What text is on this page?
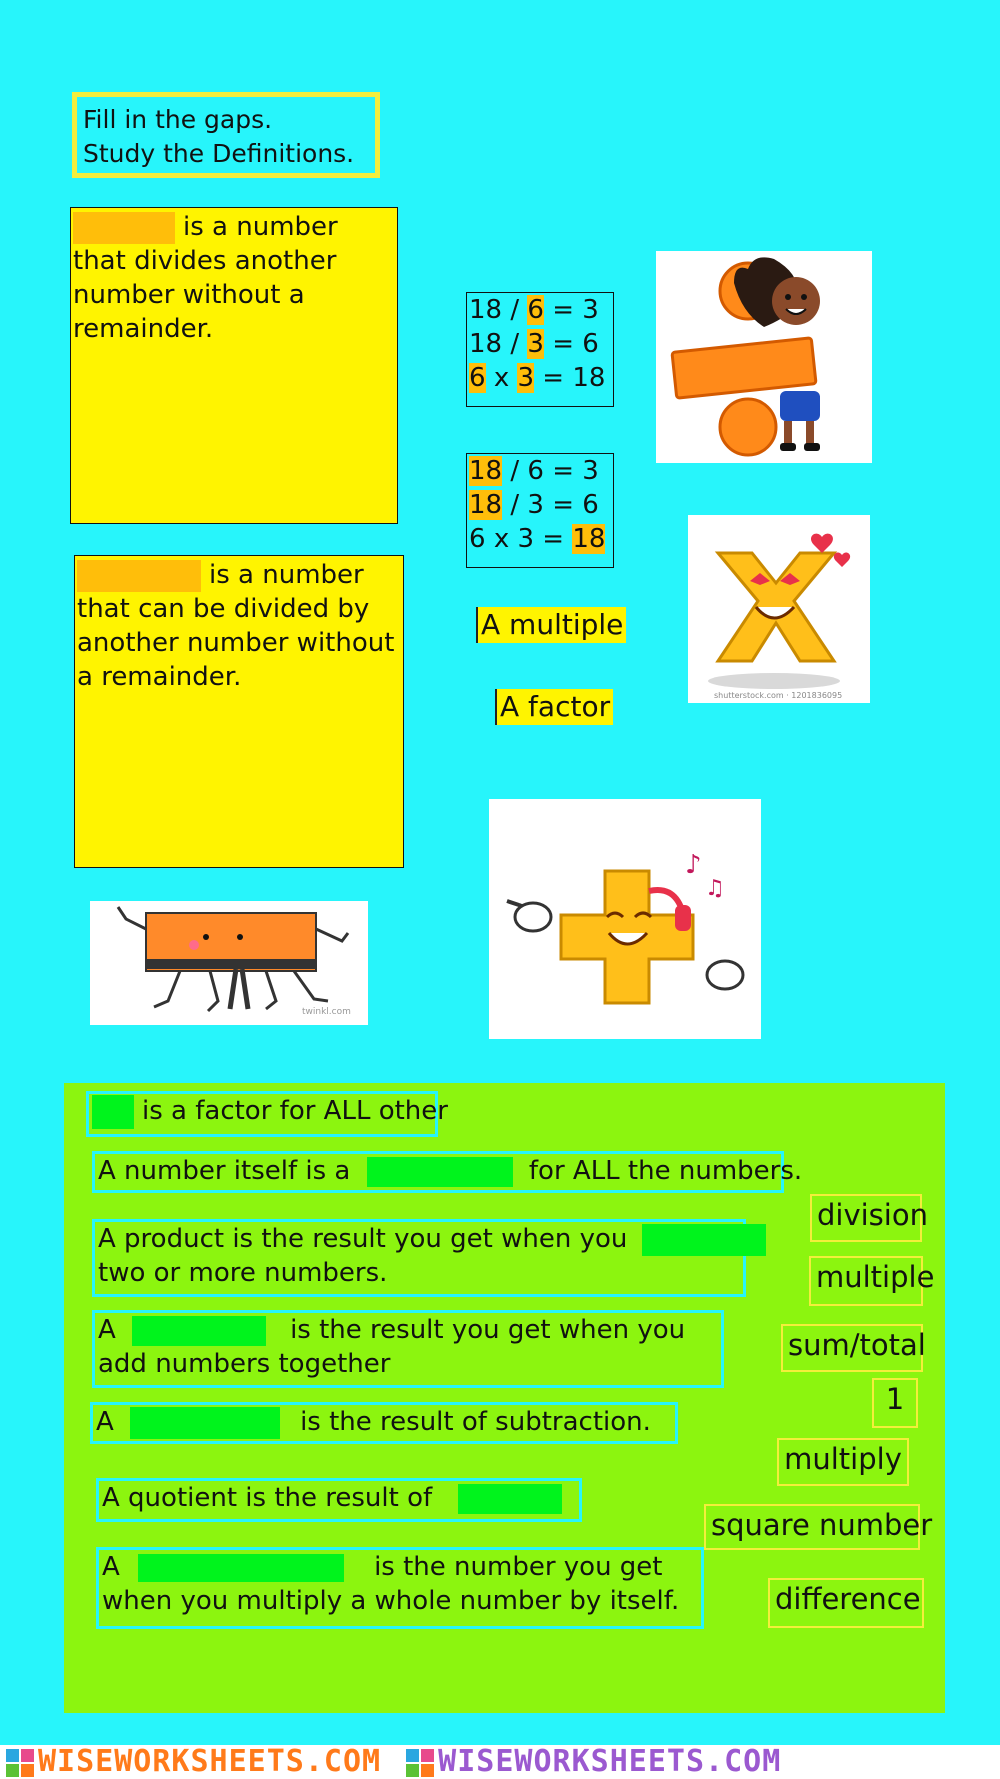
Fill in the gaps.
Study the Definitions.
is a number that divides another number without a remainder.
is a number that can be divided by another number without a remainder.
18 / 6 = 3
18 / 3 = 6
6 x 3 = 18
18 / 6 = 3
18 / 3 = 6
6 x 3 = 18
A multiple
A factor	shutterstock.com · 1201836095
♪
♫
twinkl.com
is a factor for ALL other
A number itself is a	for ALL the numbers.
A product is the result you get when you
two or more numbers.
A	is the result you get when you
add numbers together
A	is the result of subtraction.
A quotient is the result of
A	is the number you get
when you multiply a whole number by itself.
division
multiple
sum/total
1
multiply
square number
difference
WISEWORKSHEETS.COM WISEWORKSHEETS.COM
